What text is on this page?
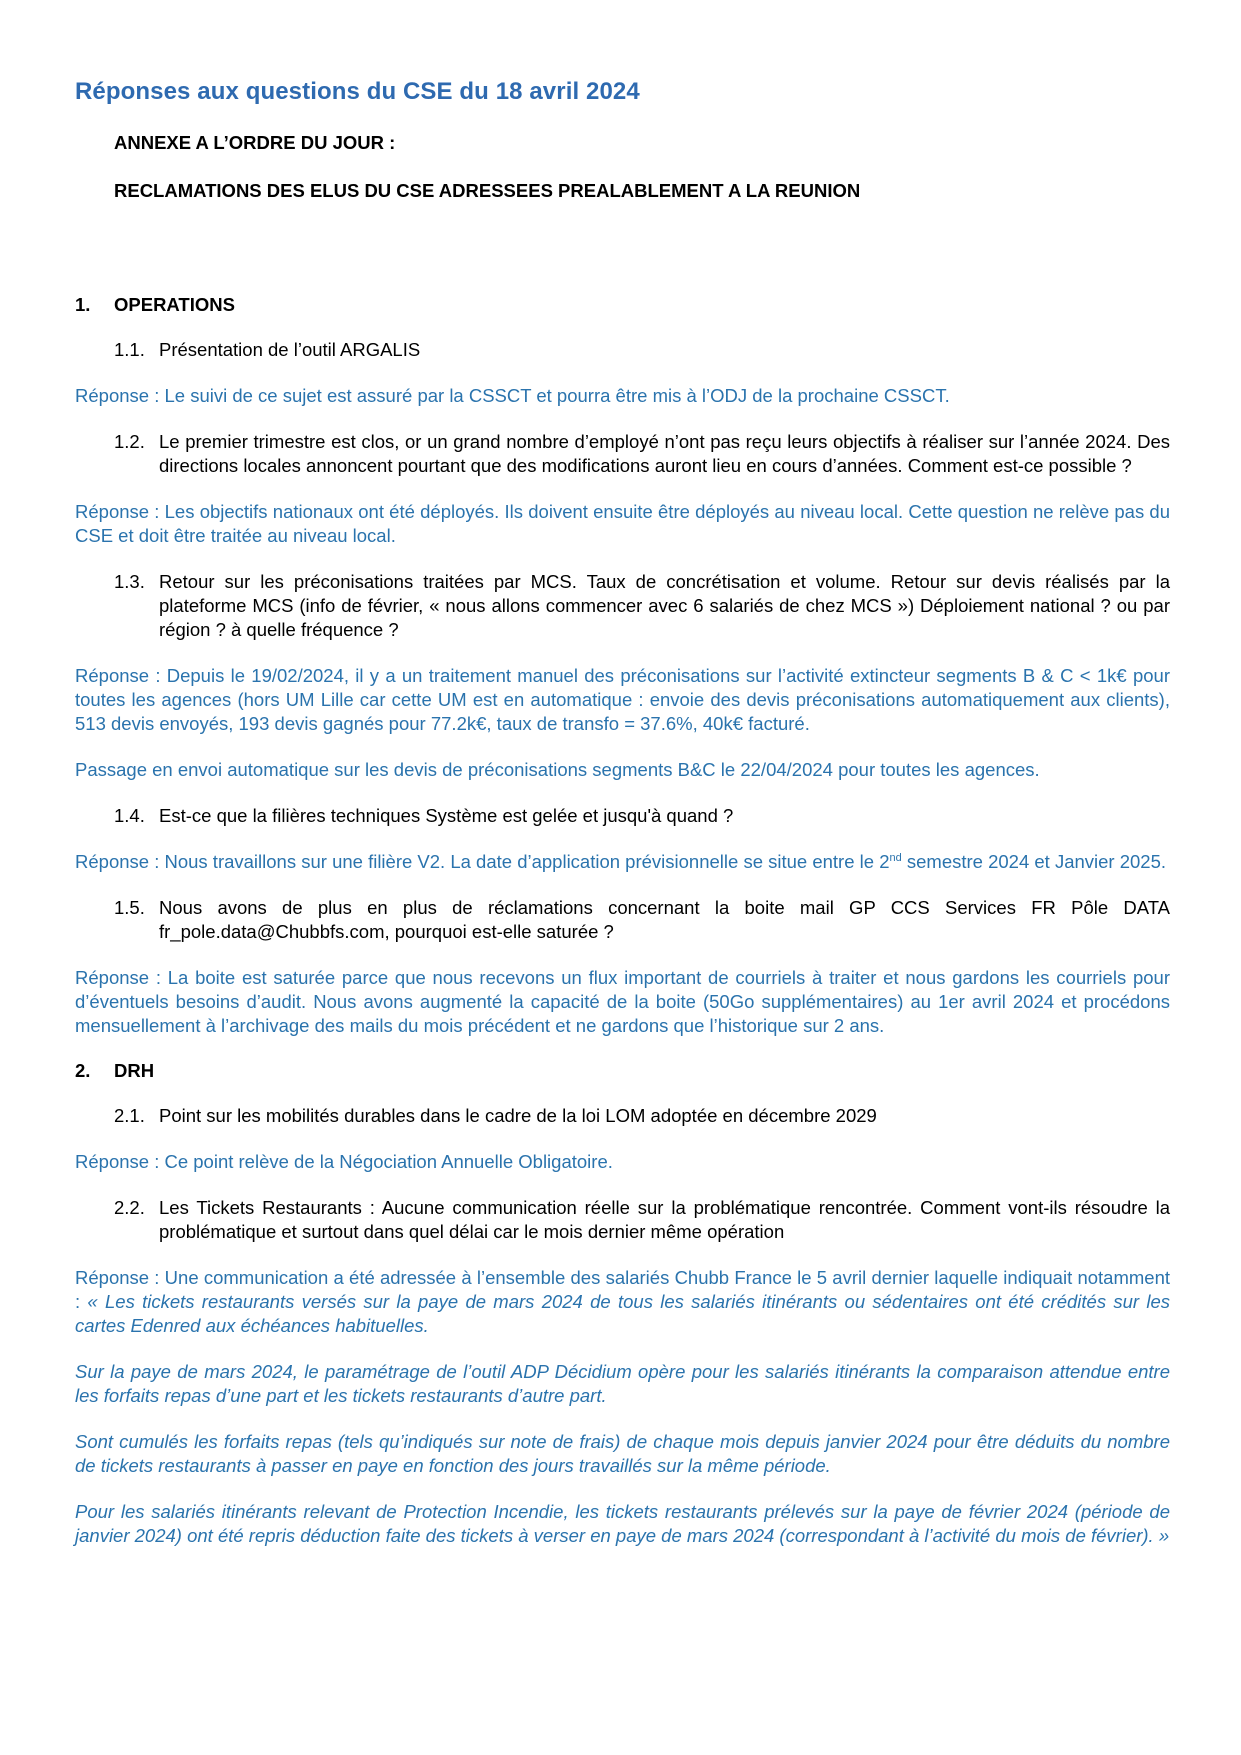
Réponses aux questions du CSE du 18 avril 2024
ANNEXE A L’ORDRE DU JOUR :
RECLAMATIONS DES ELUS DU CSE ADRESSEES PREALABLEMENT A LA REUNION
1.	OPERATIONS
1.1. Présentation de l’outil ARGALIS
Réponse : Le suivi de ce sujet est assuré par la CSSCT et pourra être mis à l’ODJ de la prochaine CSSCT.
1.2. Le premier trimestre est clos, or un grand nombre d’employé n’ont pas reçu leurs objectifs à réaliser sur l’année 2024. Des directions locales annoncent pourtant que des modifications auront lieu en cours d’années. Comment est-ce possible ?
Réponse : Les objectifs nationaux ont été déployés. Ils doivent ensuite être déployés au niveau local. Cette question ne relève pas du CSE et doit être traitée au niveau local.
1.3. Retour sur les préconisations traitées par MCS. Taux de concrétisation et volume. Retour sur devis réalisés par la plateforme MCS (info de février, « nous allons commencer avec 6 salariés de chez MCS ») Déploiement national ? ou par région ? à quelle fréquence ?
Réponse : Depuis le 19/02/2024, il y a un traitement manuel des préconisations sur l’activité extincteur segments B & C < 1k€ pour toutes les agences (hors UM Lille car cette UM est en automatique : envoie des devis préconisations automatiquement aux clients), 513 devis envoyés, 193 devis gagnés pour 77.2k€, taux de transfo = 37.6%, 40k€ facturé.
Passage en envoi automatique sur les devis de préconisations segments B&C le 22/04/2024 pour toutes les agences.
1.4. Est-ce que la filières techniques Système est gelée et jusqu'à quand ?
Réponse : Nous travaillons sur une filière V2. La date d’application prévisionnelle se situe entre le 2nd semestre 2024 et Janvier 2025.
1.5. Nous avons de plus en plus de réclamations concernant la boite mail GP CCS Services FR Pôle DATA fr_pole.data@Chubbfs.com, pourquoi est-elle saturée ?
Réponse : La boite est saturée parce que nous recevons un flux important de courriels à traiter et nous gardons les courriels pour d’éventuels besoins d’audit. Nous avons augmenté la capacité de la boite (50Go supplémentaires) au 1er avril 2024 et procédons mensuellement à l’archivage des mails du mois précédent et ne gardons que l’historique sur 2 ans.
2.	DRH
2.1. Point sur les mobilités durables dans le cadre de la loi LOM adoptée en décembre 2029
Réponse : Ce point relève de la Négociation Annuelle Obligatoire.
2.2. Les Tickets Restaurants : Aucune communication réelle sur la problématique rencontrée. Comment vont-ils résoudre la problématique et surtout dans quel délai car le mois dernier même opération
Réponse : Une communication a été adressée à l’ensemble des salariés Chubb France le 5 avril dernier laquelle indiquait notamment : « Les tickets restaurants versés sur la paye de mars 2024 de tous les salariés itinérants ou sédentaires ont été crédités sur les cartes Edenred aux échéances habituelles.
Sur la paye de mars 2024, le paramétrage de l’outil ADP Décidium opère pour les salariés itinérants la comparaison attendue entre les forfaits repas d’une part et les tickets restaurants d’autre part.
Sont cumulés les forfaits repas (tels qu’indiqués sur note de frais) de chaque mois depuis janvier 2024 pour être déduits du nombre de tickets restaurants à passer en paye en fonction des jours travaillés sur la même période.
Pour les salariés itinérants relevant de Protection Incendie, les tickets restaurants prélevés sur la paye de février 2024 (période de janvier 2024) ont été repris déduction faite des tickets à verser en paye de mars 2024 (correspondant à l’activité du mois de février). »
